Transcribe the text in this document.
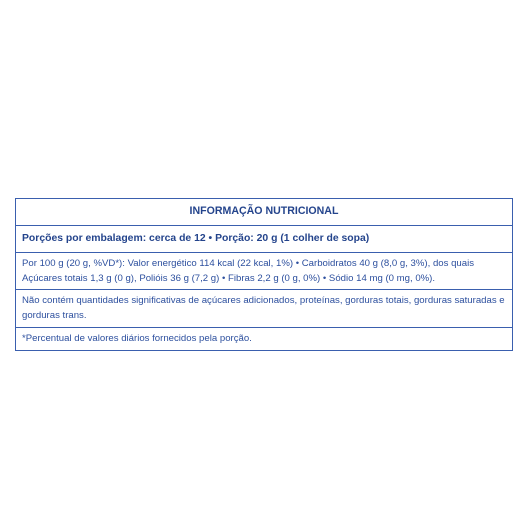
INFORMAÇÃO NUTRICIONAL
Porções por embalagem: cerca de 12 • Porção: 20 g (1 colher de sopa)
Por 100 g (20 g, %VD*): Valor energético 114 kcal (22 kcal, 1%) • Carboidratos 40 g (8,0 g, 3%), dos quais Açúcares totais 1,3 g (0 g), Polióis 36 g (7,2 g) • Fibras 2,2 g (0 g, 0%) • Sódio 14 mg (0 mg, 0%).
Não contém quantidades significativas de açúcares adicionados, proteínas, gorduras totais, gorduras saturadas e gorduras trans.
*Percentual de valores diários fornecidos pela porção.
